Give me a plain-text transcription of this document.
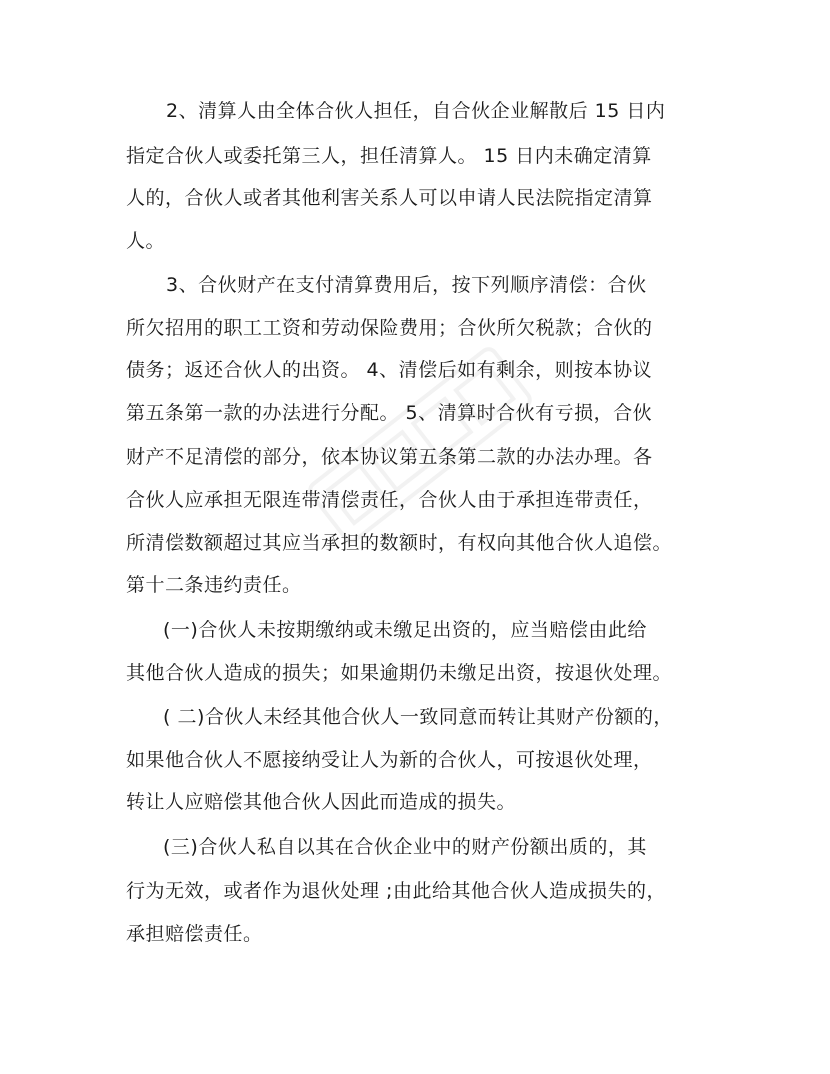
2、清算人由全体合伙人担任，自合伙企业解散后 15 日内
指定合伙人或委托第三人，担任清算人。 15 日内未确定清算
人的，合伙人或者其他利害关系人可以申请人民法院指定清算
人。
3、合伙财产在支付清算费用后，按下列顺序清偿：合伙
所欠招用的职工工资和劳动保险费用；合伙所欠税款；合伙的
债务；返还合伙人的出资。 4、清偿后如有剩余，则按本协议
第五条第一款的办法进行分配。 5、清算时合伙有亏损，合伙
财产不足清偿的部分，依本协议第五条第二款的办法办理。各
合伙人应承担无限连带清偿责任，合伙人由于承担连带责任，
所清偿数额超过其应当承担的数额时，有权向其他合伙人追偿。
第十二条违约责任。
(一)合伙人未按期缴纳或未缴足出资的，应当赔偿由此给
其他合伙人造成的损失；如果逾期仍未缴足出资，按退伙处理。
( 二)合伙人未经其他合伙人一致同意而转让其财产份额的，
如果他合伙人不愿接纳受让人为新的合伙人，可按退伙处理，
转让人应赔偿其他合伙人因此而造成的损失。
(三)合伙人私自以其在合伙企业中的财产份额出质的，其
行为无效，或者作为退伙处理 ;由此给其他合伙人造成损失的，
承担赔偿责任。
